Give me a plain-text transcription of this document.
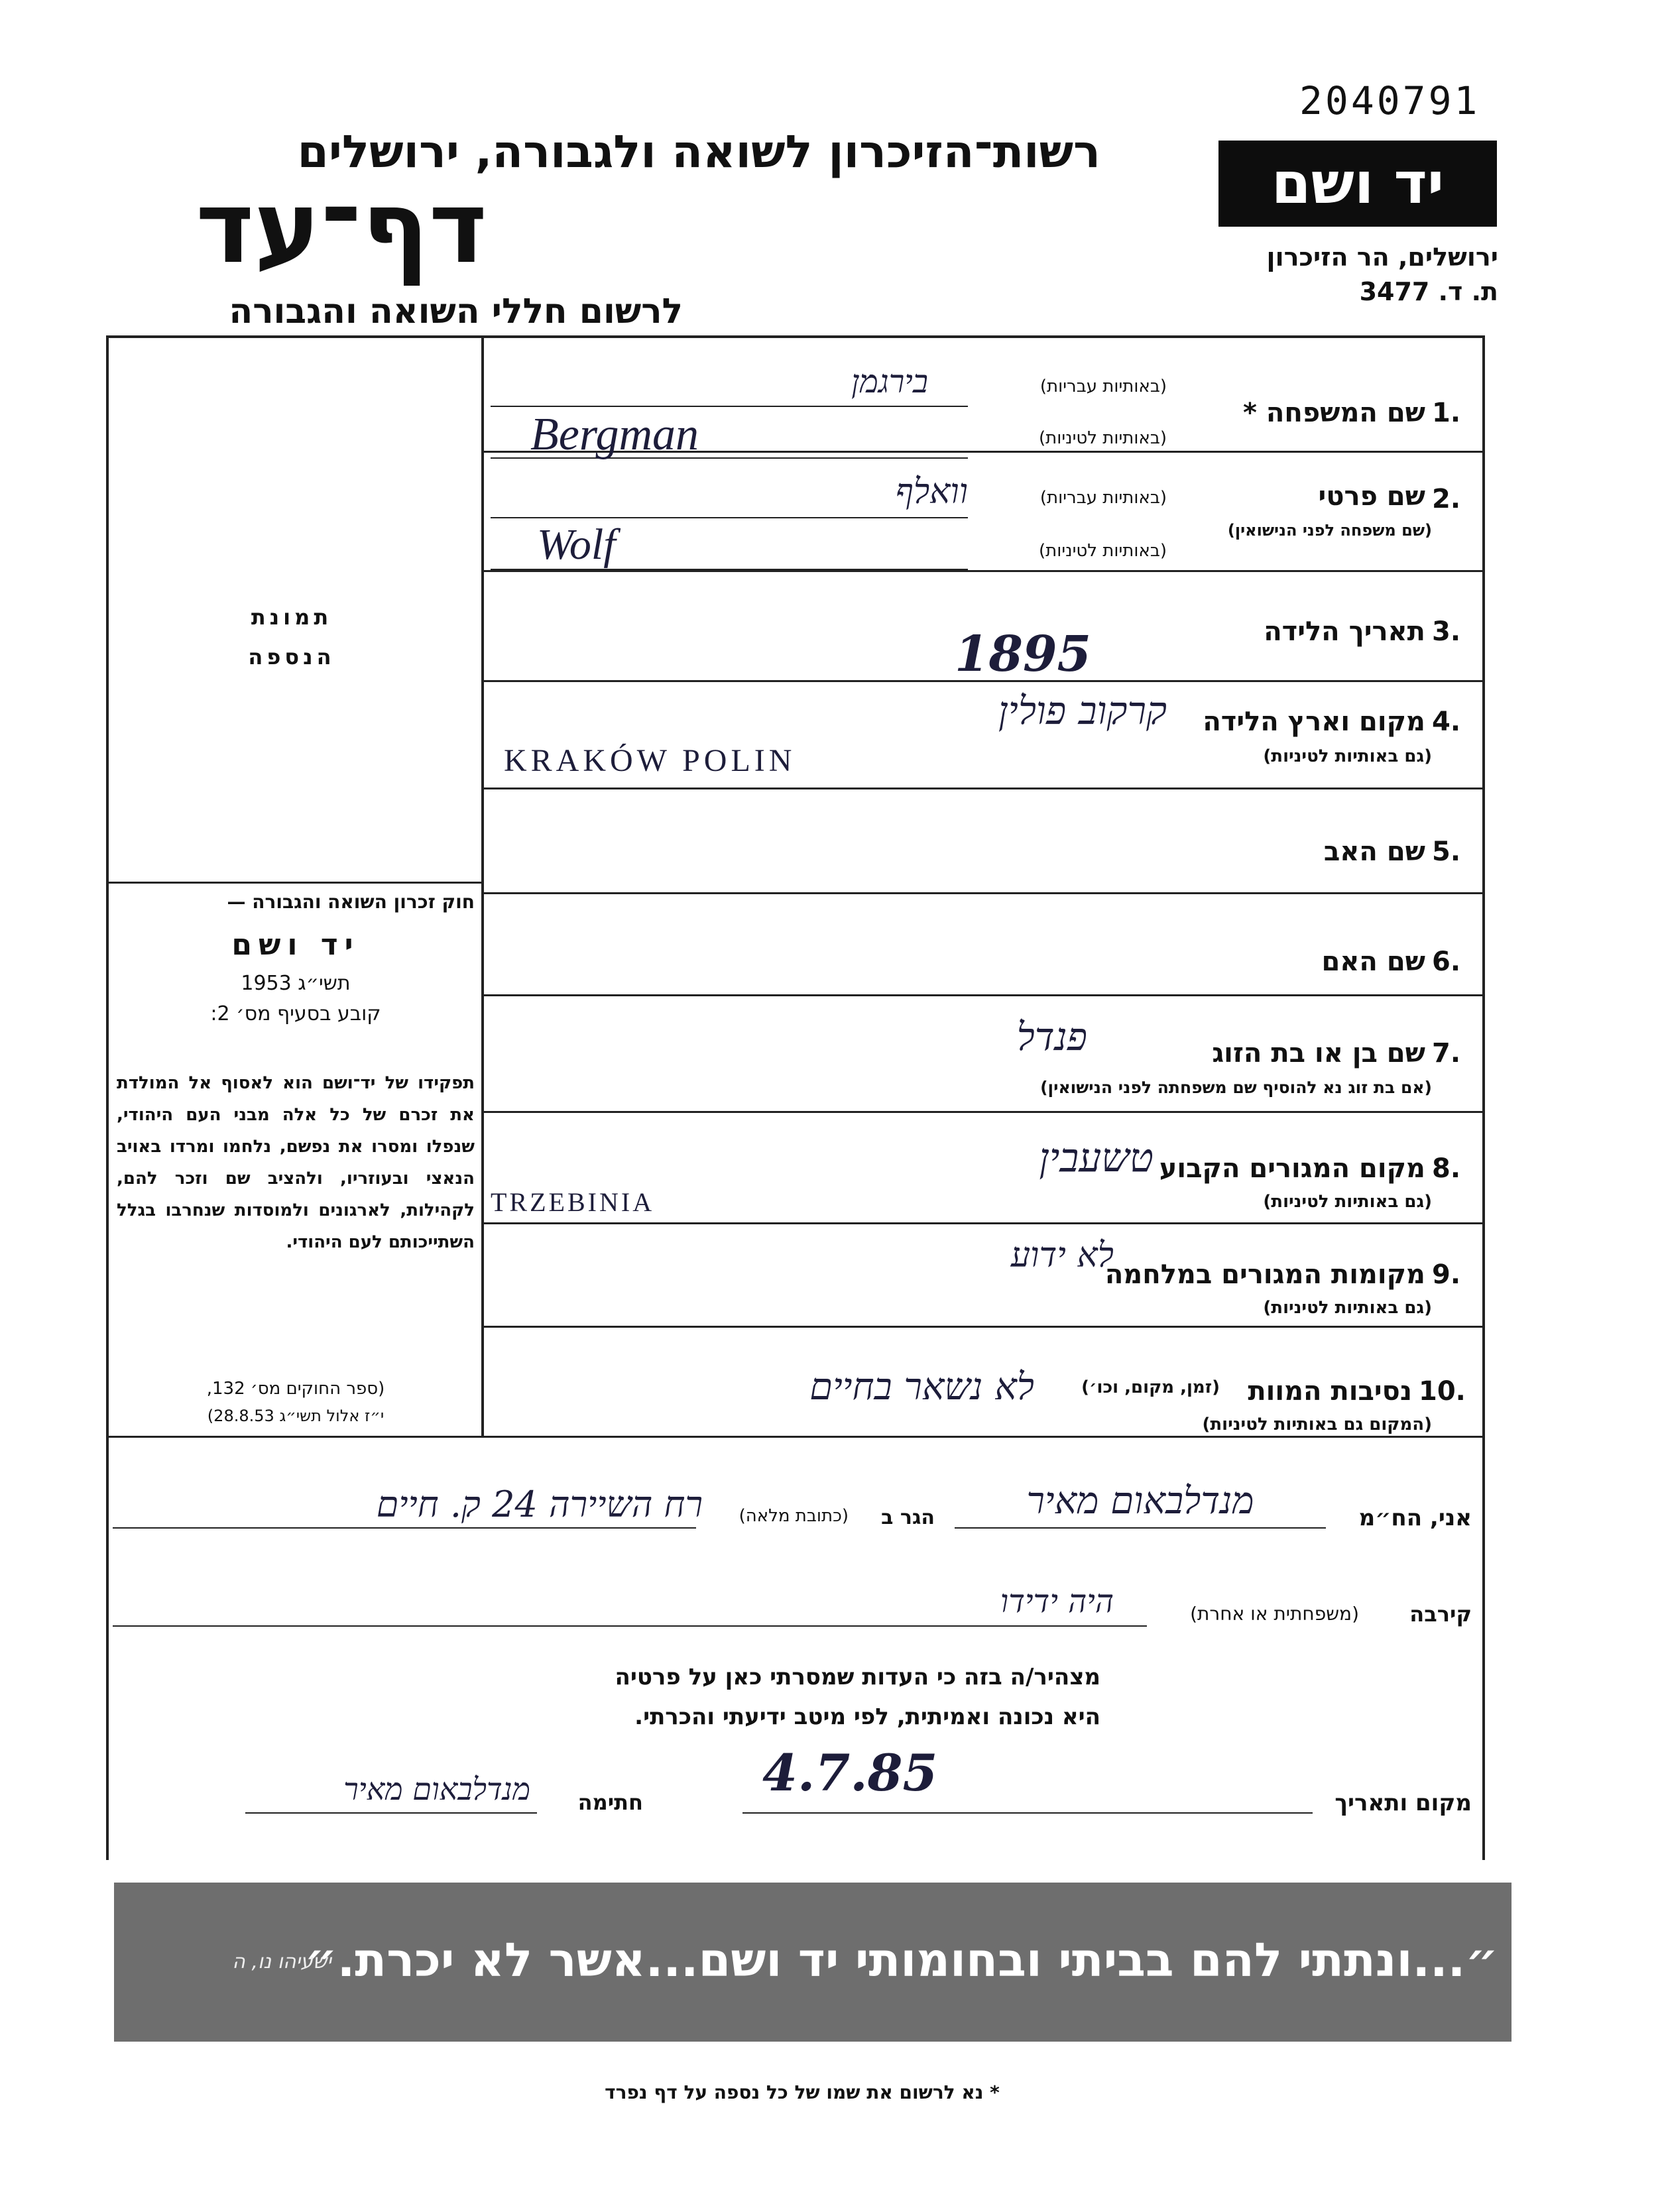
2040791
רשות־הזיכרון לשואה ולגבורה, ירושלים
דף־עד
לרשום חללי השואה והגבורה
יד ושם
ירושלים, הר הזיכרון
ת. ד. 3477
תמונת
הנספה
חוק זכרון השואה והגבורה —
יד ושם
תשי״ג 1953
קובע בסעיף מס׳ 2:
תפקידו של יד־ושם הוא לאסוף אל המולדת את זכרם של כל אלה מבני העם היהודי, שנפלו ומסרו את נפשם, נלחמו ומרדו באויב הנאצי ובעוזריו, ולהציב שם וזכר להם, לקהילות, לארגונים ולמוסדות שנחרבו בגלל השתייכותם לעם היהודי.
(ספר החוקים מס׳ 132,
י״ז אלול תשי״ג 28.8.53)
1.
שם המשפחה *
(באותיות עבריות)
(באותיות לטיניות)
בירגמן
Bergman
2.
שם פרטי
(שם משפחה לפני הנישואין)
(באותיות עבריות)
(באותיות לטיניות)
וואלף
Wolf
3.
תאריך הלידה
1895
4.
מקום וארץ הלידה
(גם באותיות לטיניות)
קרקוב פולין
KRAKÓW POLIN
5.
שם האב
6.
שם האם
7.
שם בן או בת הזוג
(אם בת זוג נא להוסיף שם משפחתה לפני הנישואין)
פנדל
8.
מקום המגורים הקבוע
(גם באותיות לטיניות)
טשעבין
TRZEBINIA
9.
מקומות המגורים במלחמה
(גם באותיות לטיניות)
לא ידוע
10.
נסיבות המוות
(זמן, מקום, וכו׳)
(המקום גם באותיות לטיניות)
לא נשאר בחיים
אני, הח״מ
מנדלבאום מאיר
הגר ב
(כתובת מלאה)
רח השיירה 24 ק. חיים
קירבה
(משפחתית או אחרת)
היה ידידו
מצהיר/ה בזה כי העדות שמסרתי כאן על פרטיה
היא נכונה ואמיתית, לפי מיטב ידיעתי והכרתי.
מקום ותאריך
4.7.85
חתימה
מנדלבאום מאיר
״...ונתתי להם בביתי ובחומותי יד ושם...אשר לא יכרת.״
ישעיהו נו, ה
* נא לרשום את שמו של כל נספה על דף נפרד
